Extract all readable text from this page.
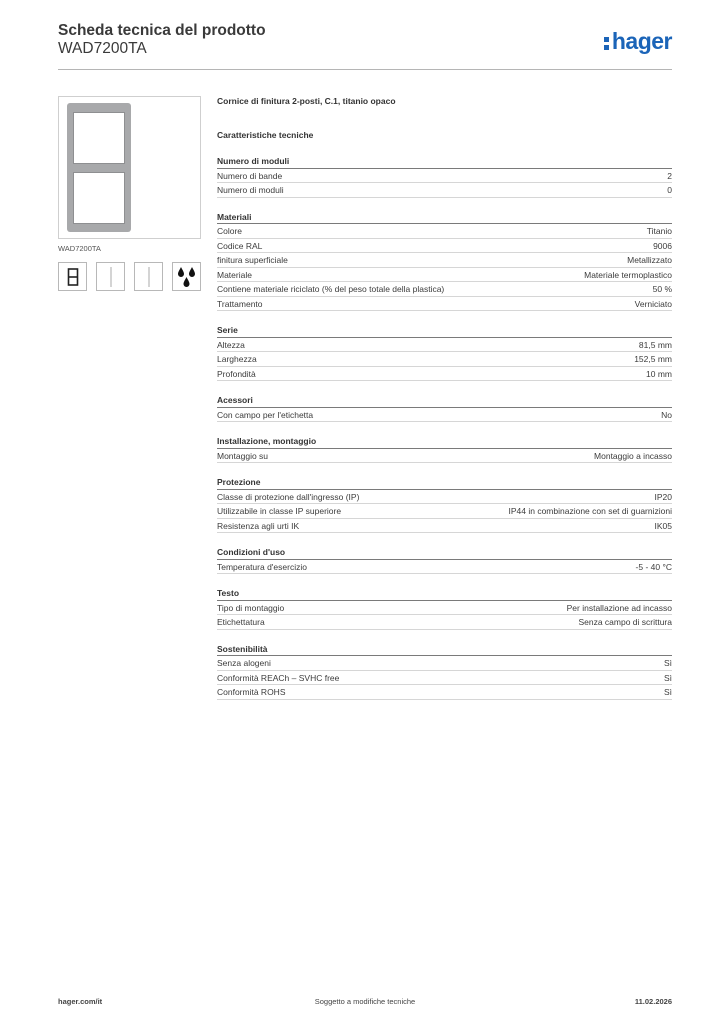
Scheda tecnica del prodotto
WAD7200TA	hager
WAD7200TA
Cornice di finitura 2-posti, C.1, titanio opaco
Caratteristiche tecniche
Numero di moduli
Numero di bande	2
Numero di moduli	0
Materiali
Colore	Titanio
Codice RAL	9006
finitura superficiale	Metallizzato
Materiale	Materiale termoplastico
Contiene materiale riciclato (% del peso totale della plastica)	50 %
Trattamento	Verniciato
Serie
Altezza	81,5 mm
Larghezza	152,5 mm
Profondità	10 mm
Acessori
Con campo per l'etichetta	No
Installazione, montaggio
Montaggio su	Montaggio a incasso
Protezione
Classe di protezione dall'ingresso (IP)	IP20
Utilizzabile in classe IP superiore	IP44 in combinazione con set di guarnizioni
Resistenza agli urti IK	IK05
Condizioni d'uso
Temperatura d'esercizio	-5 - 40 °C
Testo
Tipo di montaggio	Per installazione ad incasso
Etichettatura	Senza campo di scrittura
Sostenibilità
Senza alogeni	Sì
Conformità REACh – SVHC free	Sì
Conformità ROHS	Sì
hager.com/it	Soggetto a modifiche tecniche	11.02.2026
